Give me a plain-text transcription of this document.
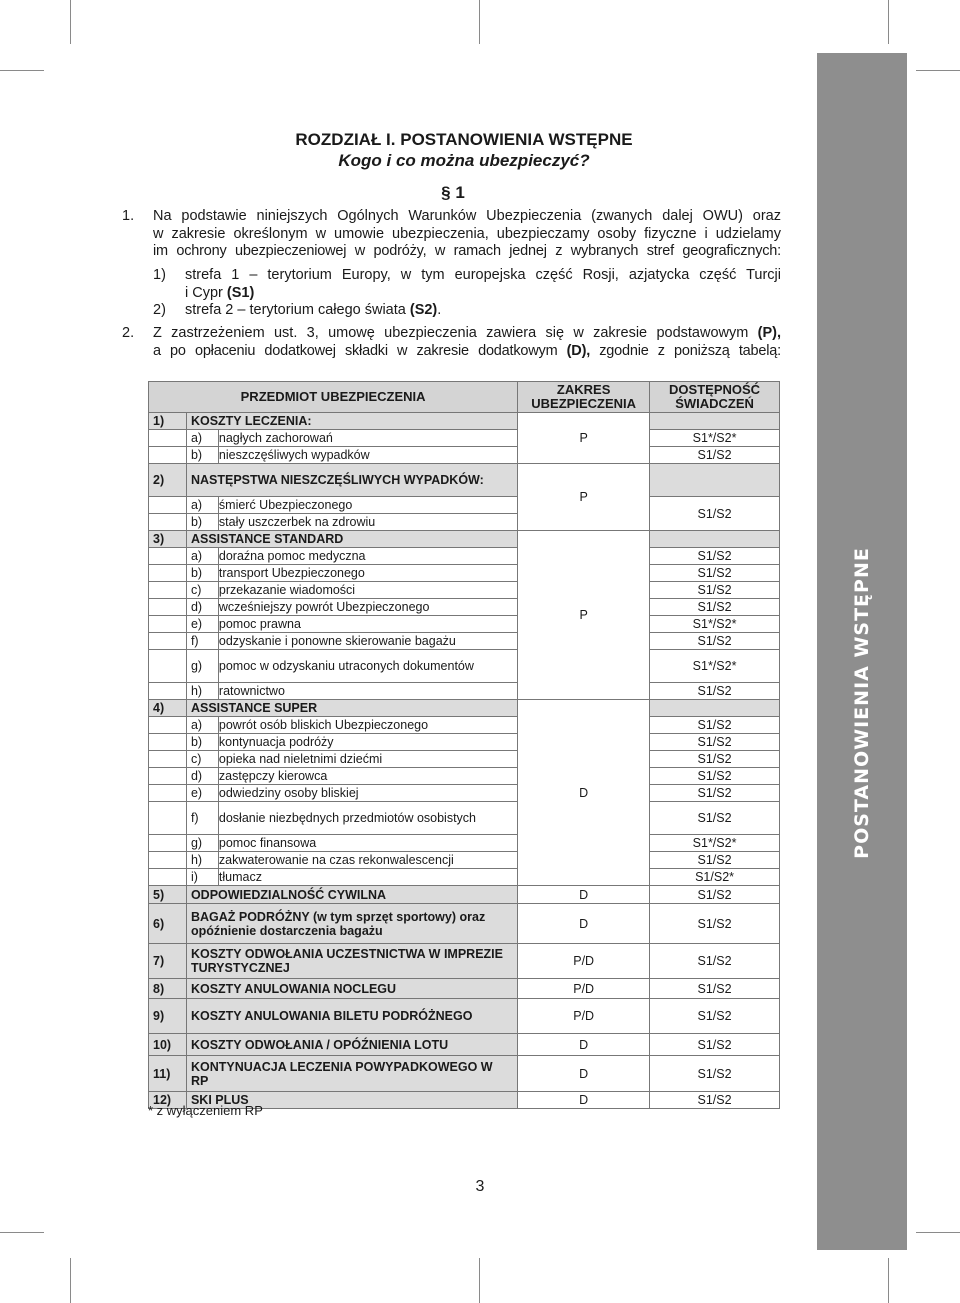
POSTANOWIENIA WSTĘPNE
ROZDZIAŁ I. POSTANOWIENIA WSTĘPNE
Kogo i co można ubezpieczyć?
§ 1
1. Na podstawie niniejszych Ogólnych Warunków Ubezpieczenia (zwanych dalej OWU) oraz
w zakresie określonym w umowie ubezpieczenia, ubezpieczamy osoby fizyczne i udzielamy
im ochrony ubezpieczeniowej w podróży, w ramach jednej z wybranych stref geograficznych:
1) strefa 1 – terytorium Europy, w tym europejska część Rosji, azjatycka część Turcji
i Cypr (S1)
2) strefa 2 – terytorium całego świata (S2).
2. Z zastrzeżeniem ust. 3, umowę ubezpieczenia zawiera się w zakresie podstawowym (P),
a po opłaceniu dodatkowej składki w zakresie dodatkowym (D), zgodnie z poniższą tabelą:
PRZEDMIOT UBEZPIECZENIA			ZAKRES UBEZPIECZENIA	DOSTĘPNOŚĆ ŚWIADCZEŃ
1)	KOSZTY LECZENIA:		P	
	a)	nagłych zachorowań		S1*/S2*
	b)	nieszczęśliwych wypadków		S1/S2
2)	NASTĘPSTWA NIESZCZĘŚLIWYCH WYPADKÓW:		P	
	a)	śmierć Ubezpieczonego		S1/S2
	b)	stały uszczerbek na zdrowiu		
3)	ASSISTANCE STANDARD		P	
	a)	doraźna pomoc medyczna		S1/S2
	b)	transport Ubezpieczonego		S1/S2
	c)	przekazanie wiadomości		S1/S2
	d)	wcześniejszy powrót Ubezpieczonego		S1/S2
	e)	pomoc prawna		S1*/S2*
	f)	odzyskanie i ponowne skierowanie bagażu		S1/S2
	g)	pomoc w odzyskaniu utraconych dokumentów		S1*/S2*
	h)	ratownictwo		S1/S2
4)	ASSISTANCE SUPER		D	
	a)	powrót osób bliskich Ubezpieczonego		S1/S2
	b)	kontynuacja podróży		S1/S2
	c)	opieka nad nieletnimi dziećmi		S1/S2
	d)	zastępczy kierowca		S1/S2
	e)	odwiedziny osoby bliskiej		S1/S2
	f)	dosłanie niezbędnych przedmiotów osobistych		S1/S2
	g)	pomoc finansowa		S1*/S2*
	h)	zakwaterowanie na czas rekonwalescencji		S1/S2
	i)	tłumacz		S1/S2*
5)	ODPOWIEDZIALNOŚĆ CYWILNA		D	S1/S2
6)	BAGAŻ PODRÓŻNY (w tym sprzęt sportowy) oraz opóźnienie dostarczenia bagażu		D	S1/S2
7)	KOSZTY ODWOŁANIA UCZESTNICTWA W IMPREZIE TURYSTYCZNEJ		P/D	S1/S2
8)	KOSZTY ANULOWANIA NOCLEGU		P/D	S1/S2
9)	KOSZTY ANULOWANIA BILETU PODRÓŻNEGO		P/D	S1/S2
10)	KOSZTY ODWOŁANIA / OPÓŹNIENIA LOTU		D	S1/S2
11)	KONTYNUACJA LECZENIA POWYPADKOWEGO W RP		D	S1/S2
12)	SKI PLUS		D	S1/S2
* z wyłączeniem RP
3
